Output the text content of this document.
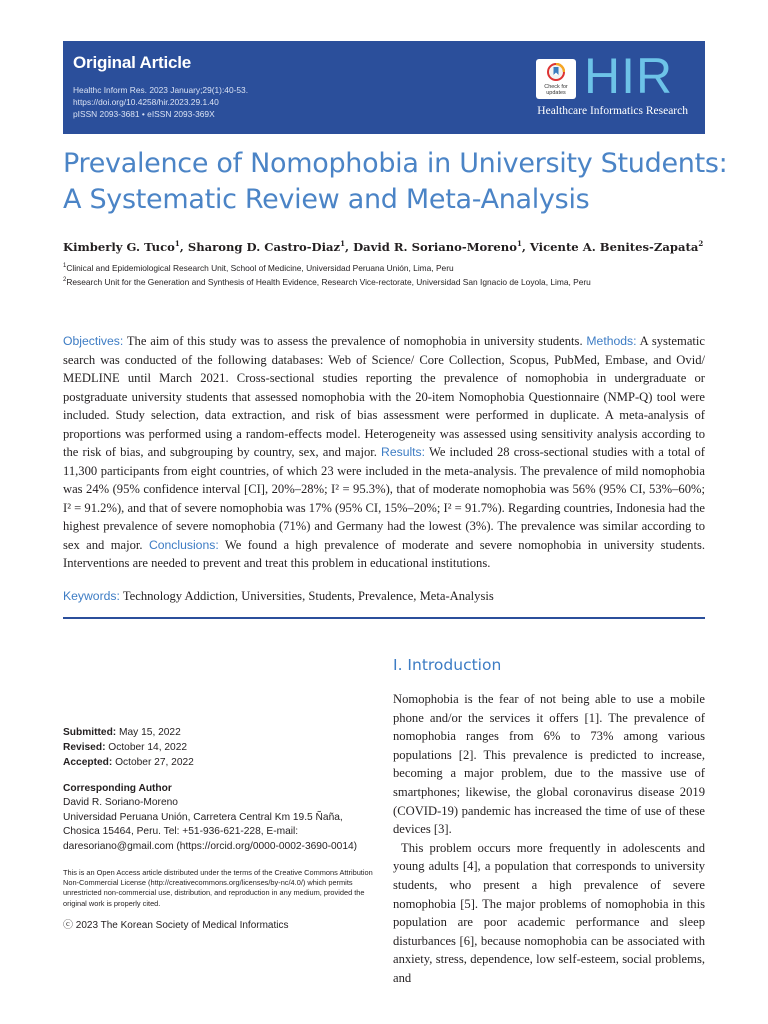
Original Article
Healthc Inform Res. 2023 January;29(1):40-53.
https://doi.org/10.4258/hir.2023.29.1.40
pISSN 2093-3681 • eISSN 2093-369X
Check for updates HIR
Healthcare Informatics Research
Prevalence of Nomophobia in University Students: A Systematic Review and Meta-Analysis
Kimberly G. Tuco$^1$, Sharong D. Castro-Diaz$^1$, David R. Soriano-Moreno$^1$, Vicente A. Benites-Zapata$^2$
$^1$Clinical and Epidemiological Research Unit, School of Medicine, Universidad Peruana Unión, Lima, Peru
$^2$Research Unit for the Generation and Synthesis of Health Evidence, Research Vice-rectorate, Universidad San Ignacio de Loyola, Lima, Peru
Objectives: The aim of this study was to assess the prevalence of nomophobia in university students. Methods: A systematic search was conducted of the following databases: Web of Science/ Core Collection, Scopus, PubMed, Embase, and Ovid/ MEDLINE until March 2021. Cross-sectional studies reporting the prevalence of nomophobia in undergraduate or postgraduate university students that assessed nomophobia with the 20-item Nomophobia Questionnaire (NMP-Q) tool were included. Study selection, data extraction, and risk of bias assessment were performed in duplicate. A meta-analysis of proportions was performed using a random-effects model. Heterogeneity was assessed using sensitivity analysis according to the risk of bias, and subgrouping by country, sex, and major. Results: We included 28 cross-sectional studies with a total of 11,300 participants from eight countries, of which 23 were included in the meta-analysis. The prevalence of mild nomophobia was 24% (95% confidence interval [CI], 20%–28%; I² = 95.3%), that of moderate nomophobia was 56% (95% CI, 53%–60%; I² = 91.2%), and that of severe nomophobia was 17% (95% CI, 15%–20%; I² = 91.7%). Regarding countries, Indonesia had the highest prevalence of severe nomophobia (71%) and Germany had the lowest (3%). The prevalence was similar according to sex and major. Conclusions: We found a high prevalence of moderate and severe nomophobia in university students. Interventions are needed to prevent and treat this problem in educational institutions.
Keywords: Technology Addiction, Universities, Students, Prevalence, Meta-Analysis
Submitted: May 15, 2022
Revised: October 14, 2022
Accepted: October 27, 2022
Corresponding Author
David R. Soriano-Moreno
Universidad Peruana Unión, Carretera Central Km 19.5 Ñaña, Chosica 15464, Peru. Tel: +51-936-621-228, E-mail: daresoriano@gmail.com (https://orcid.org/0000-0002-3690-0014)
This is an Open Access article distributed under the terms of the Creative Commons Attribution Non-Commercial License (http://creativecommons.org/licenses/by-nc/4.0/) which permits unrestricted non-commercial use, distribution, and reproduction in any medium, provided the original work is properly cited.
ⓒ 2023 The Korean Society of Medical Informatics
I. Introduction

Nomophobia is the fear of not being able to use a mobile phone and/or the services it offers [1]. The prevalence of nomophobia ranges from 6% to 73% among various populations [2]. This prevalence is predicted to increase, becoming a major problem, due to the massive use of smartphones; likewise, the global coronavirus disease 2019 (COVID-19) pandemic has increased the time of use of these devices [3].

This problem occurs more frequently in adolescents and young adults [4], a population that corresponds to university students, who present a high prevalence of severe nomophobia [5]. The major problems of nomophobia in this population are poor academic performance and sleep disturbances [6], because nomophobia can be associated with anxiety, stress, dependence, low self-esteem, social problems, and
